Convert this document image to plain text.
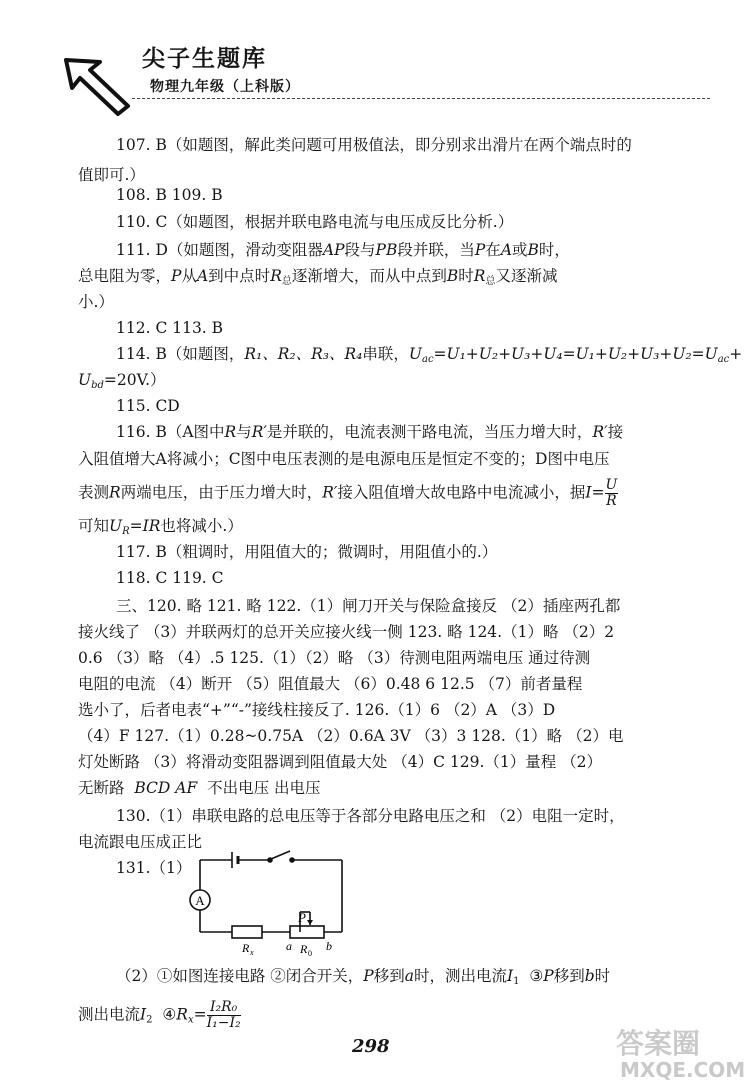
尖子生题库
物理九年级（上科版）
107. B（如题图，解此类问题可用极值法，即分别求出滑片在两个端点时的
值即可.）
108. B 109. B
110. C（如题图，根据并联电路电流与电压成反比分析.）
111. D（如题图，滑动变阻器AP段与PB段并联，当P在A或B时，
总电阻为零，P从A到中点时$R_总$逐渐增大，而从中点到B时$R_总$又逐渐减
小.）
112. C 113. B
114. B（如题图，R₁、R₂、R₃、R₄串联，$U_{ac}=U_1+U_2+U_3+U_4=U_1+U_2+U_3+U_2=U_{ac}+$
$U_{bd}=20V$.）
115. CD
116. B（A图中R与R′是并联的，电流表测干路电流，当压力增大时，R′接
入阻值增大A将减小；C图中电压表测的是电源电压是恒定不变的；D图中电压
表测R两端电压，由于压力增大时，R′接入阻值增大故电路中电流减小，据$I= \frac{U}{R}$
可知$U_R=IR$也将减小.）
117. B（粗调时，用阻值大的；微调时，用阻值小的.）
118. C 119. C
三、120. 略 121. 略 122.（1）闸刀开关与保险盒接反 （2）插座两孔都
接火线了 （3）并联两灯的总开关应接火线一侧 123. 略 124.（1）略 （2）2
0.6 （3）略 （4）.5 125.（1）（2）略 （3）待测电阻两端电压 通过待测
电阻的电流 （4）断开 （5）阻值最大 （6）0.48 6 12.5 （7）前者量程
选小了，后者电表“+”“-”接线柱接反了. 126.（1）6 （2）A （3）D
（4）F 127.（1）0.28~0.75A （2）0.6A 3V （3）3 128.（1）略 （2）电
灯处断路 （3）将滑动变阻器调到阻值最大处 （4）C 129.（1）量程 （2）
无断路 BCD AF 不出电压 出电压
130.（1）串联电路的总电压等于各部分电路电压之和 （2）电阻一定时，
电流跟电压成正比
131.（1）
A
P
R x	a R 0
b
（2）①如图连接电路 ②闭合开关，P移到a时，测出电流$I_1$ ③P移到b时
测出电流$I_2$ $④R_x= \frac{\text{I₂R₀}}{\text{I₁−I₂}}$
298	答案圈
MXQE.COM
